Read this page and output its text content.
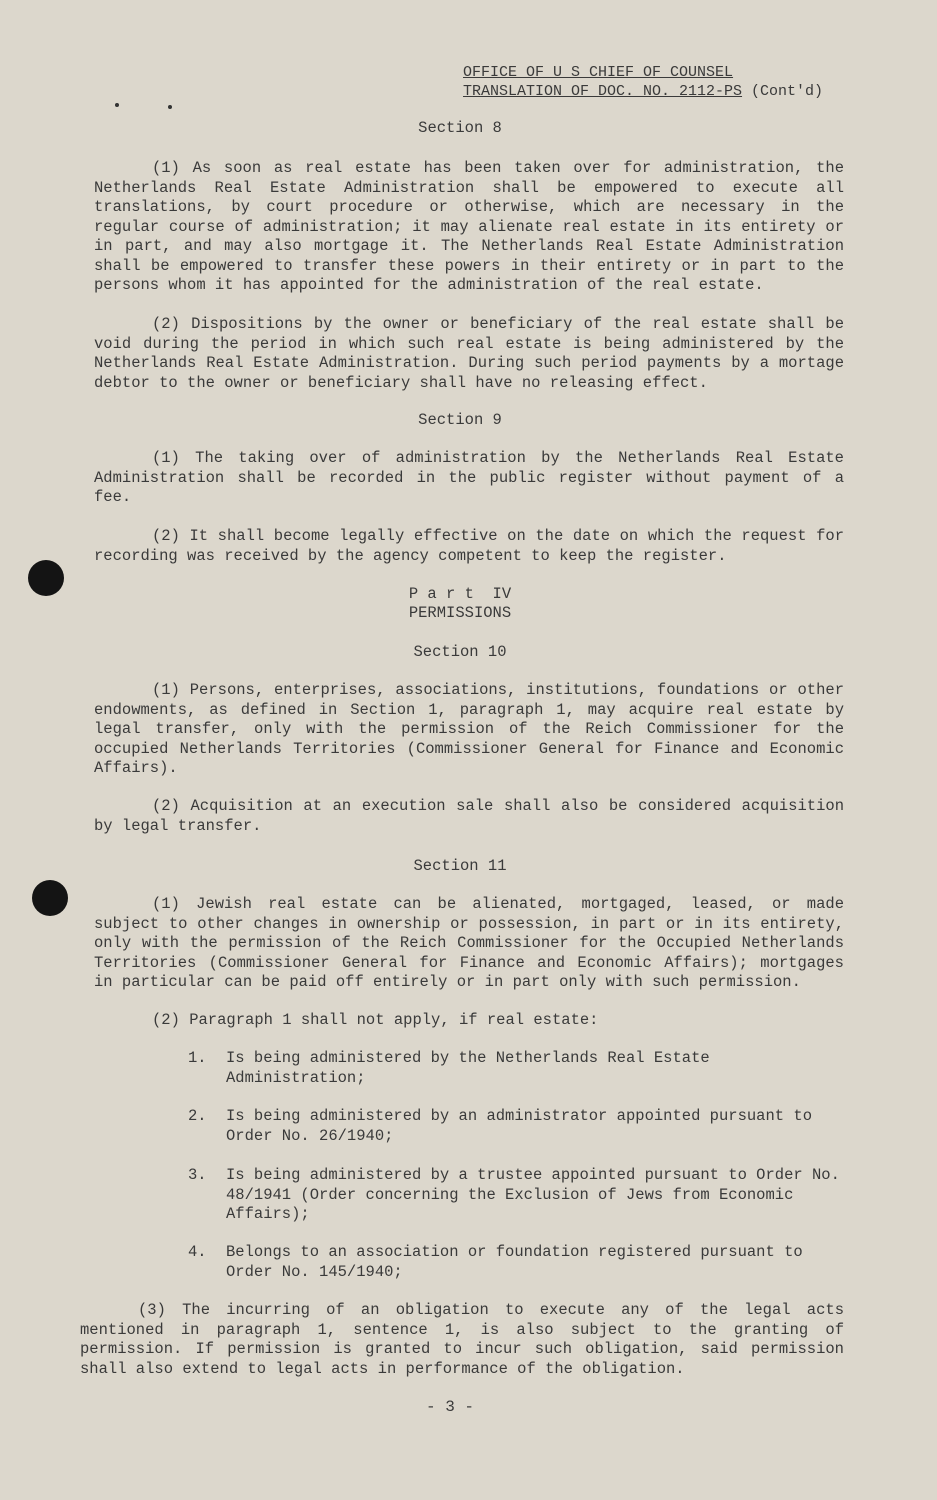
OFFICE OF U S CHIEF OF COUNSEL
TRANSLATION OF DOC. NO. 2112-PS (Cont'd)
Section 8
(1) As soon as real estate has been taken over for administration, the Netherlands Real Estate Administration shall be empowered to execute all translations, by court procedure or otherwise, which are necessary in the regular course of administration; it may alienate real estate in its entirety or in part, and may also mortgage it. The Netherlands Real Estate Administration shall be empowered to transfer these powers in their entirety or in part to the persons whom it has appointed for the administration of the real estate.
(2) Dispositions by the owner or beneficiary of the real estate shall be void during the period in which such real estate is being administered by the Netherlands Real Estate Administration. During such period payments by a mortage debtor to the owner or beneficiary shall have no releasing effect.
Section 9
(1) The taking over of administration by the Netherlands Real Estate Administration shall be recorded in the public register without payment of a fee.
(2) It shall become legally effective on the date on which the request for recording was received by the agency competent to keep the register.
P a r t  IV
PERMISSIONS
Section 10
(1) Persons, enterprises, associations, institutions, foundations or other endowments, as defined in Section 1, paragraph 1, may acquire real estate by legal transfer, only with the permission of the Reich Commissioner for the occupied Netherlands Territories (Commissioner General for Finance and Economic Affairs).
(2) Acquisition at an execution sale shall also be considered acquisition by legal transfer.
Section 11
(1) Jewish real estate can be alienated, mortgaged, leased, or made subject to other changes in ownership or possession, in part or in its entirety, only with the permission of the Reich Commissioner for the Occupied Netherlands Territories (Commissioner General for Finance and Economic Affairs); mortgages in particular can be paid off entirely or in part only with such permission.
(2) Paragraph 1 shall not apply, if real estate:
1. Is being administered by the Netherlands Real Estate Administration;
2. Is being administered by an administrator appointed pursuant to Order No. 26/1940;
3. Is being administered by a trustee appointed pursuant to Order No. 48/1941 (Order concerning the Exclusion of Jews from Economic Affairs);
4. Belongs to an association or foundation registered pursuant to Order No. 145/1940;
(3) The incurring of an obligation to execute any of the legal acts mentioned in paragraph 1, sentence 1, is also subject to the granting of permission. If permission is granted to incur such obligation, said permission shall also extend to legal acts in performance of the obligation.
- 3 -
